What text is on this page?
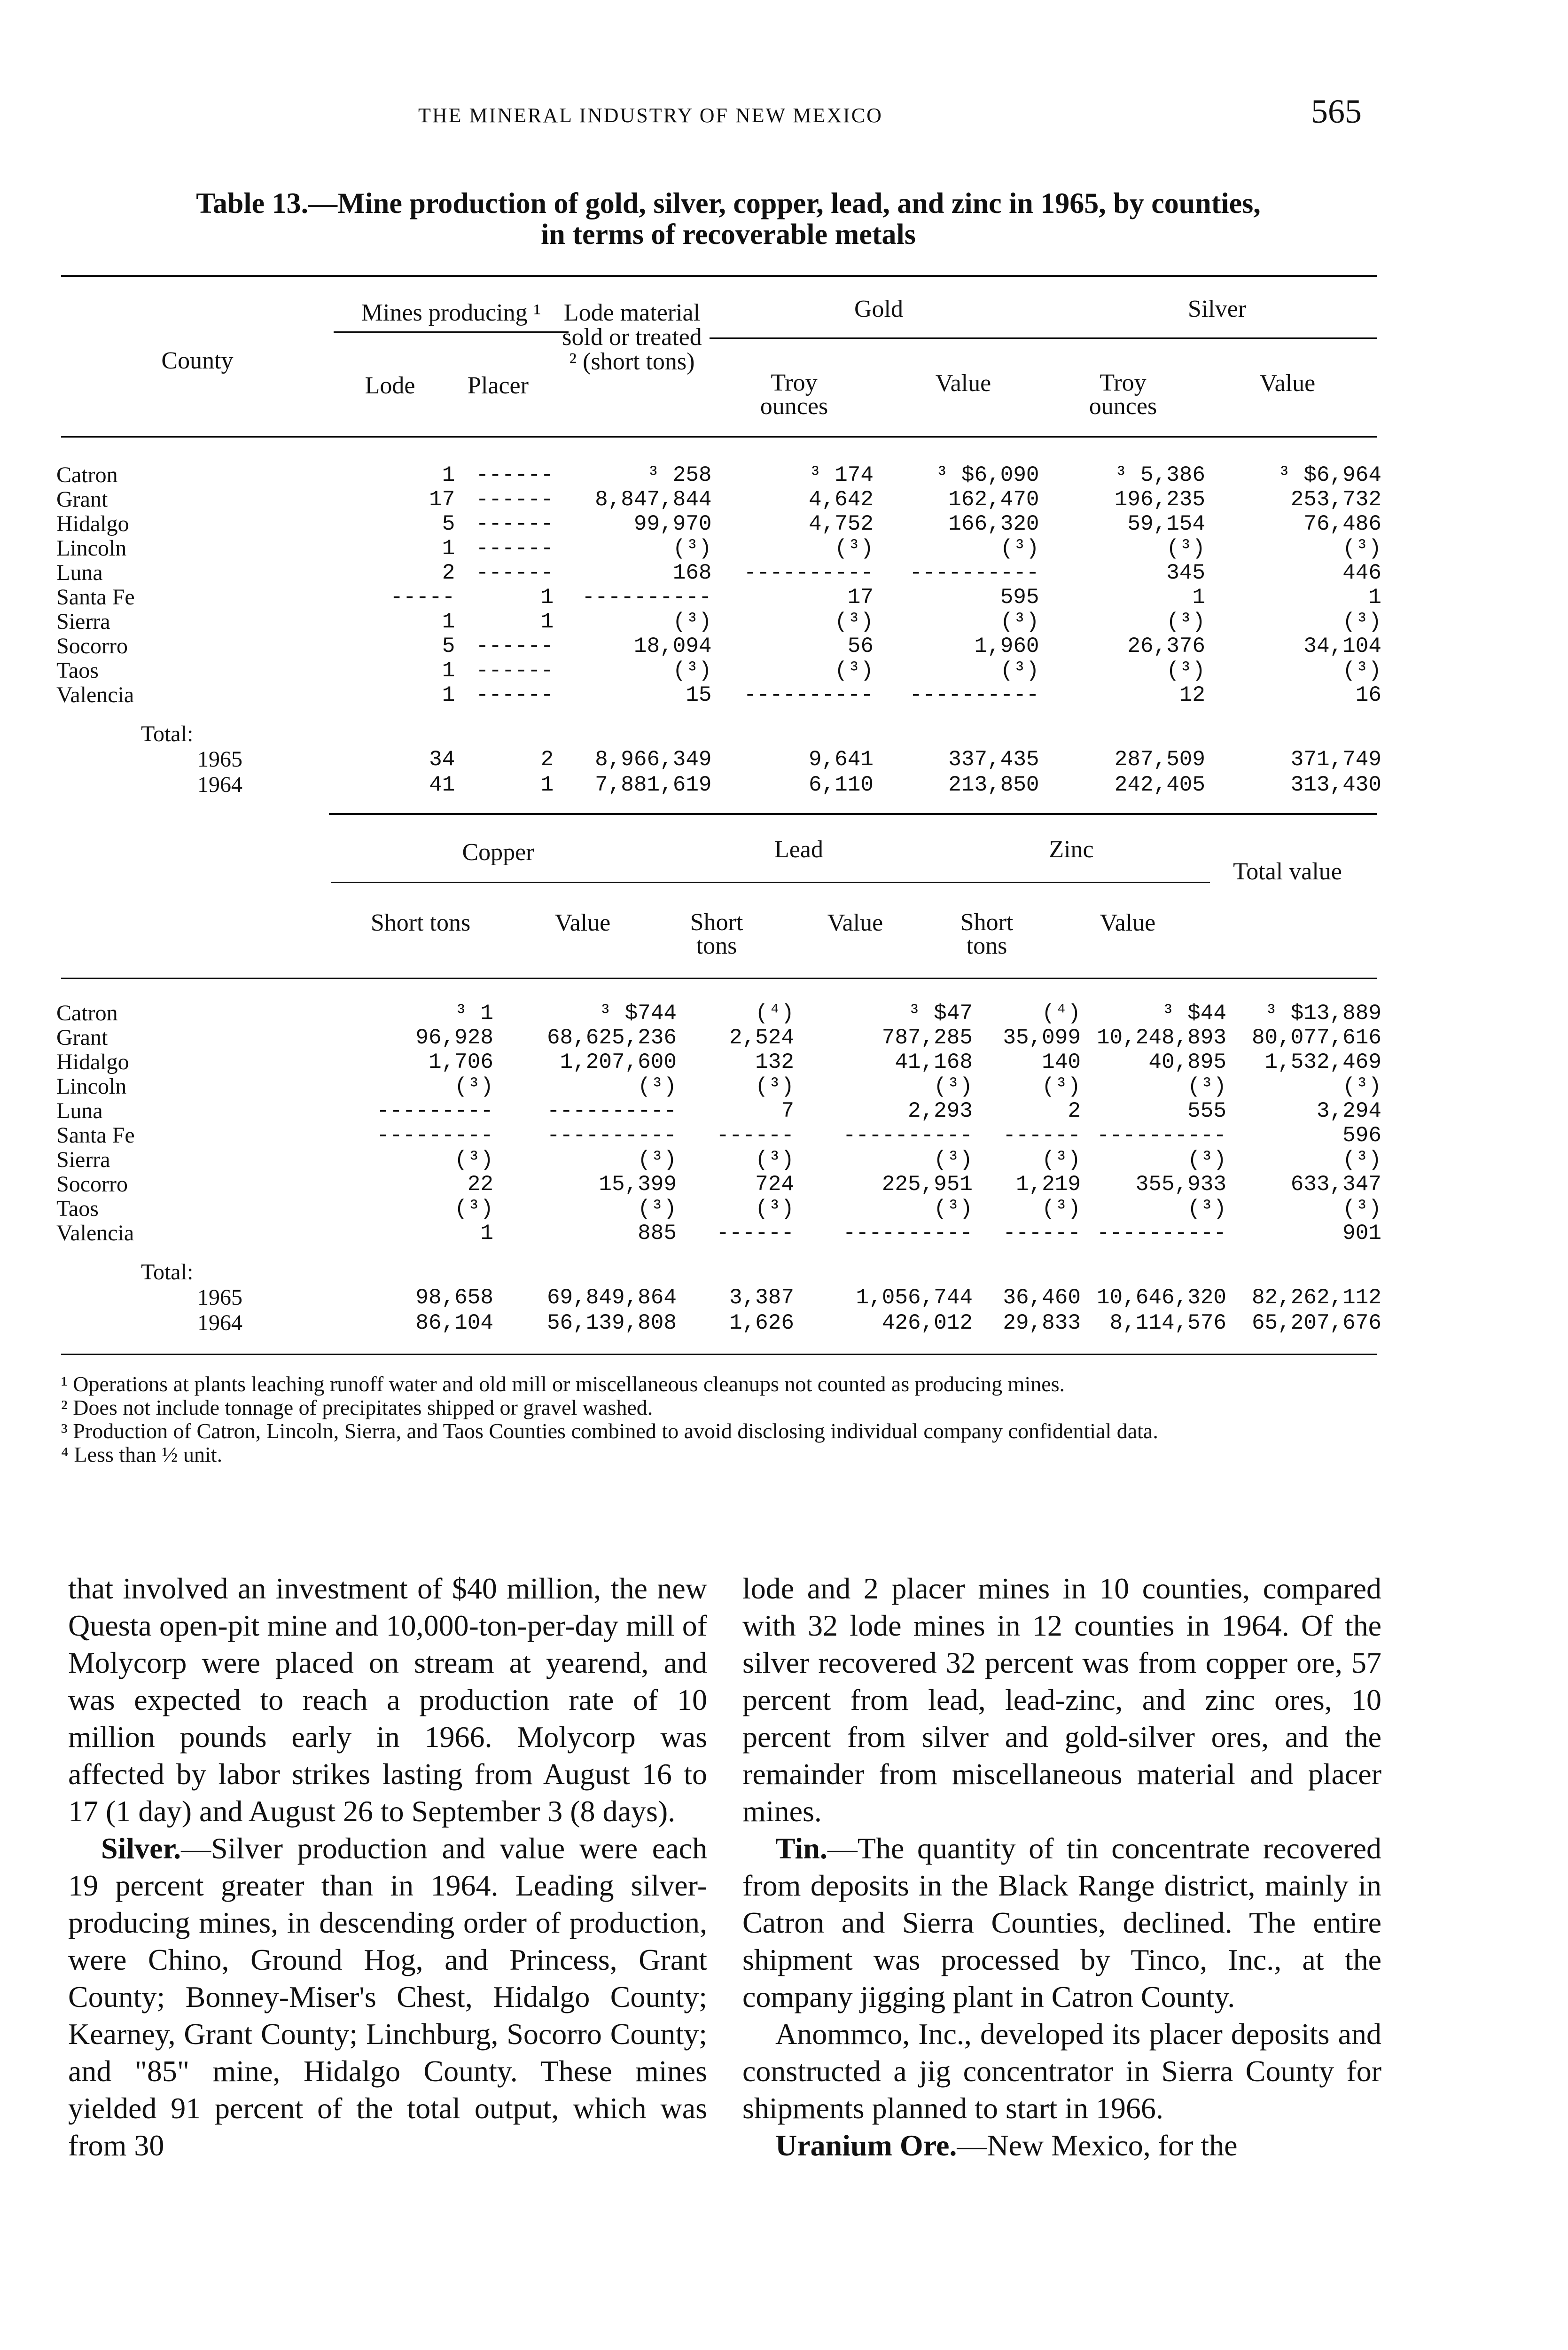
THE MINERAL INDUSTRY OF NEW MEXICO	565
Table 13.—Mine production of gold, silver, copper, lead, and zinc in 1965, by counties,
in terms of recoverable metals
Mines producing ¹
County
Lode	Placer
Lode material sold or treated ² (short tons)
Gold	Silver
Troy ounces
Value	Troy ounces
Value
Catron	1	------	³ 258	³ 174	³ $6,090	³ 5,386	³ $6,964
Grant	17	------	8,847,844	4,642	162,470	196,235	253,732
Hidalgo	5	------	99,970	4,752	166,320	59,154	76,486
Lincoln	1	------	(³)	(³)	(³)	(³)	(³)
Luna	2	------	168	----------	----------	345	446
Santa Fe	-----	1	----------	17	595	1	1
Sierra	1	1	(³)	(³)	(³)	(³)	(³)
Socorro	5	------	18,094	56	1,960	26,376	34,104
Taos	1	------	(³)	(³)	(³)	(³)	(³)
Valencia	1	------	15	----------	----------	12	16
Total:							
1965	34	2	8,966,349	9,641	337,435	287,509	371,749
1964	41	1	7,881,619	6,110	213,850	242,405	313,430
Copper	Lead	Zinc
Total value
Short tons	Value	Short tons
Value	Short tons
Value
Catron	³ 1	³ $744	(⁴)	³ $47	(⁴)	³ $44	³ $13,889
Grant	96,928	68,625,236	2,524	787,285	35,099	10,248,893	80,077,616
Hidalgo	1,706	1,207,600	132	41,168	140	40,895	1,532,469
Lincoln	(³)	(³)	(³)	(³)	(³)	(³)	(³)
Luna	---------	----------	7	2,293	2	555	3,294
Santa Fe	---------	----------	------	----------	------	----------	596
Sierra	(³)	(³)	(³)	(³)	(³)	(³)	(³)
Socorro	22	15,399	724	225,951	1,219	355,933	633,347
Taos	(³)	(³)	(³)	(³)	(³)	(³)	(³)
Valencia	1	885	------	----------	------	----------	901
Total:							
1965	98,658	69,849,864	3,387	1,056,744	36,460	10,646,320	82,262,112
1964	86,104	56,139,808	1,626	426,012	29,833	8,114,576	65,207,676

¹ Operations at plants leaching runoff water and old mill or miscellaneous cleanups not counted as producing mines.

² Does not include tonnage of precipitates shipped or gravel washed.

³ Production of Catron, Lincoln, Sierra, and Taos Counties combined to avoid disclosing individual company confidential data.

⁴ Less than ½ unit.

that involved an investment of $40 million, the new Questa open-pit mine and 10,000-ton-per-day mill of Molycorp were placed on stream at yearend, and was expected to reach a production rate of 10 million pounds early in 1966. Molycorp was affected by labor strikes lasting from August 16 to 17 (1 day) and August 26 to September 3 (8 days).

Silver.—Silver production and value were each 19 percent greater than in 1964. Leading silver-producing mines, in descending order of production, were Chino, Ground Hog, and Princess, Grant County; Bonney-Miser's Chest, Hidalgo County; Kearney, Grant County; Linchburg, Socorro County; and "85" mine, Hidalgo County. These mines yielded 91 percent of the total output, which was from 30

lode and 2 placer mines in 10 counties, compared with 32 lode mines in 12 counties in 1964. Of the silver recovered 32 percent was from copper ore, 57 percent from lead, lead-zinc, and zinc ores, 10 percent from silver and gold-silver ores, and the remainder from miscellaneous material and placer mines.

Tin.—The quantity of tin concentrate recovered from deposits in the Black Range district, mainly in Catron and Sierra Counties, declined. The entire shipment was processed by Tinco, Inc., at the company jigging plant in Catron County.

Anommco, Inc., developed its placer deposits and constructed a jig concentrator in Sierra County for shipments planned to start in 1966.

Uranium Ore.—New Mexico, for the
